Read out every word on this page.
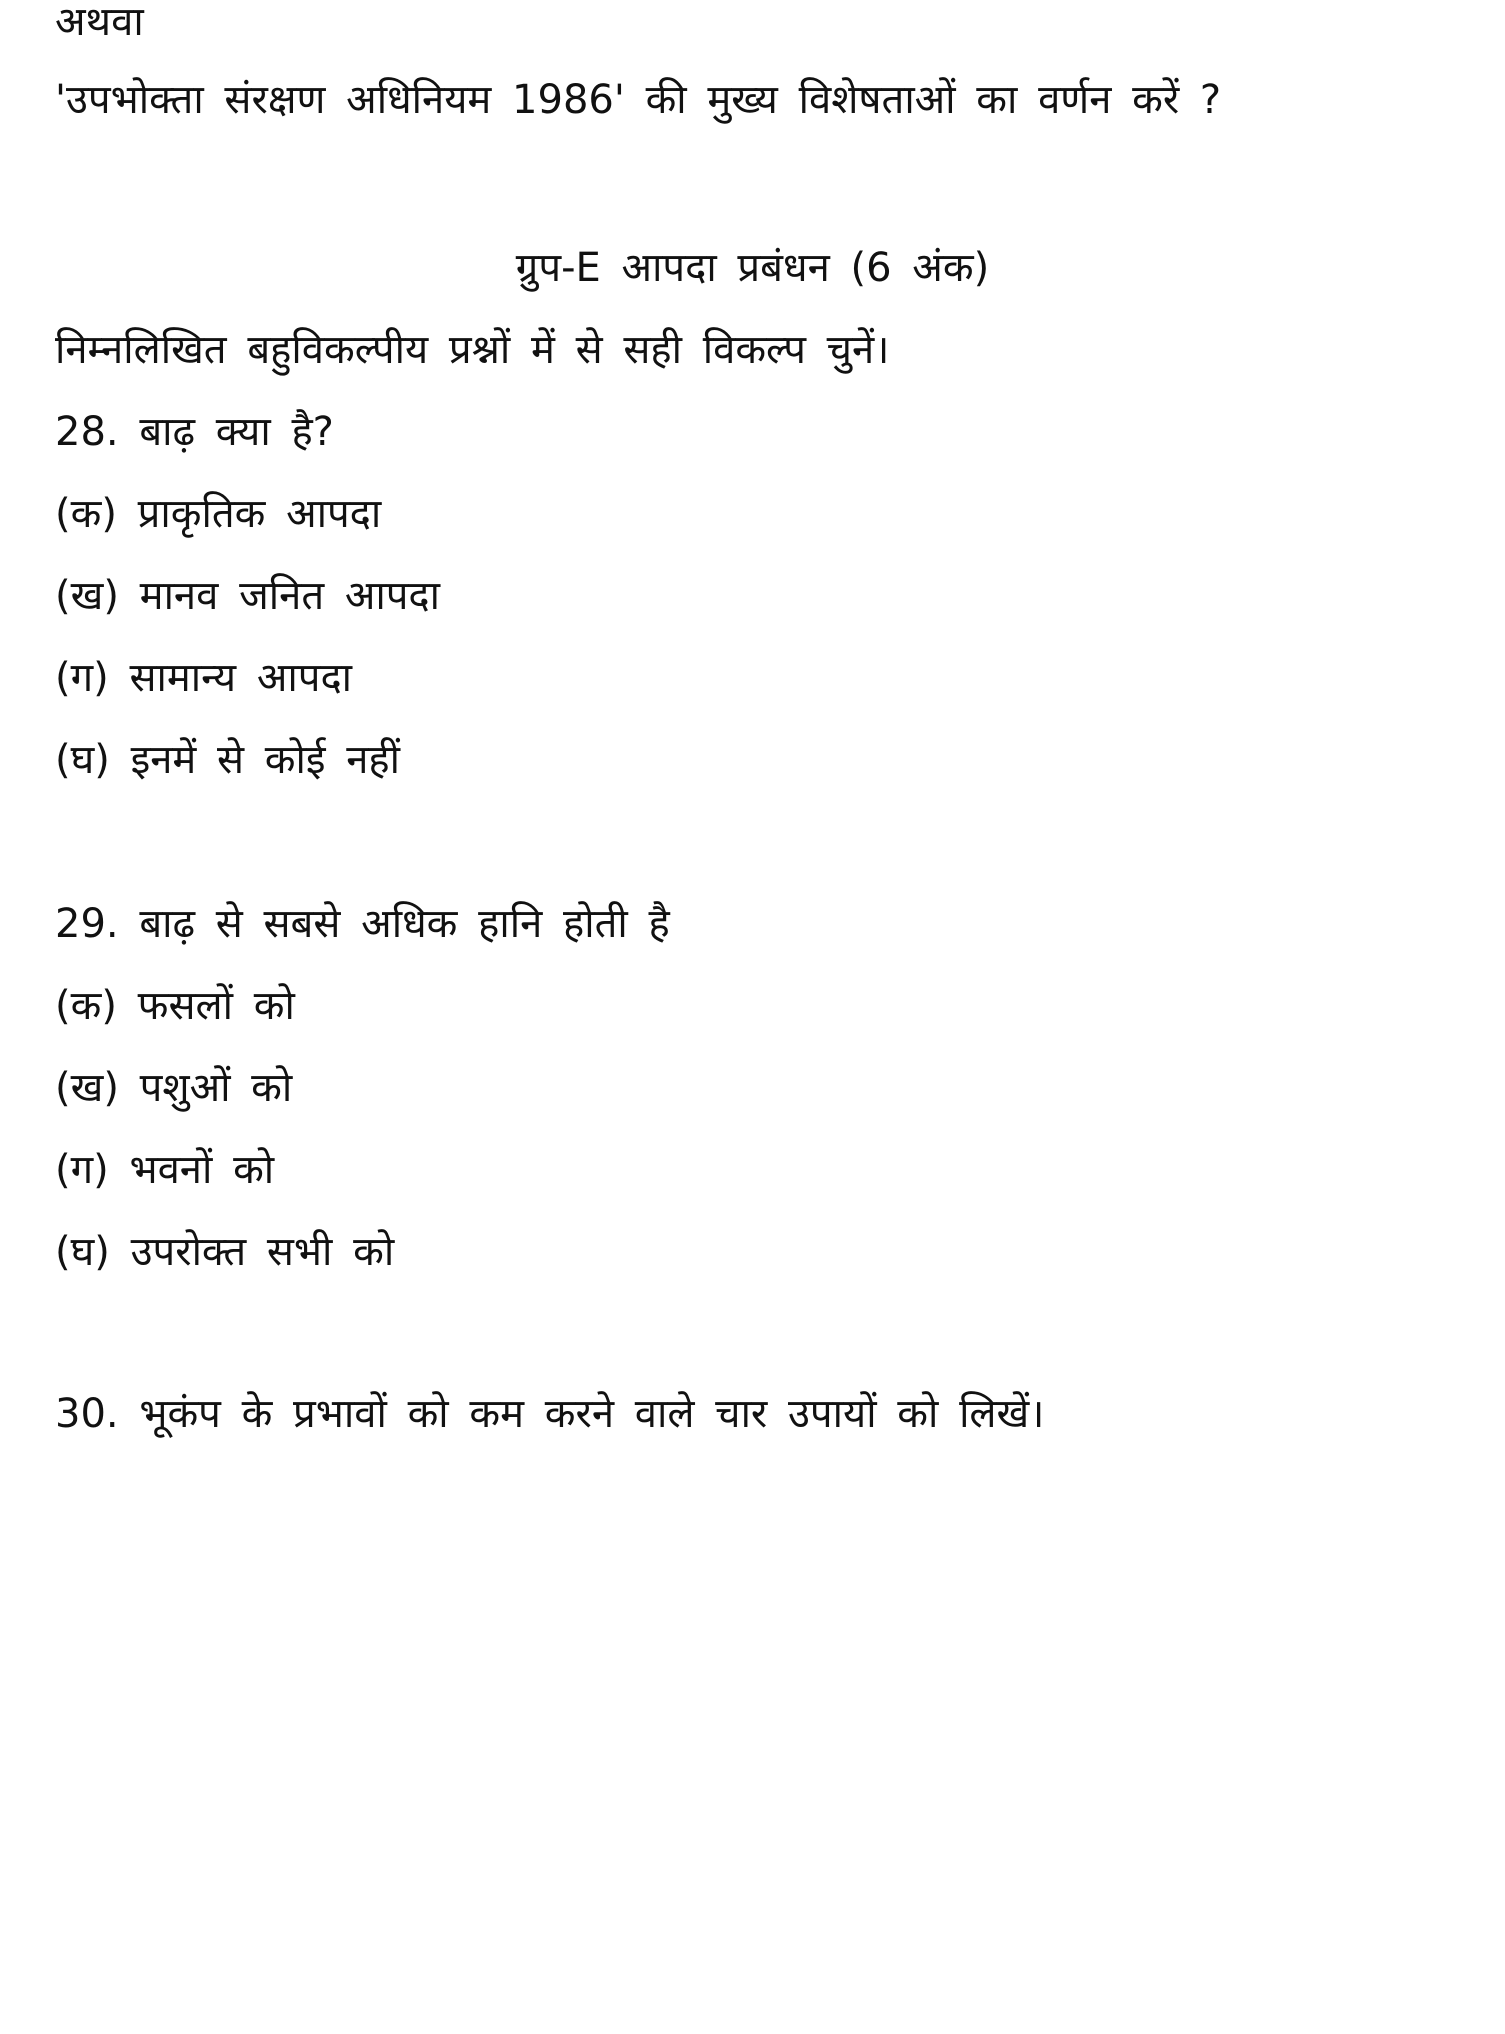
अथवा
'उपभोक्ता संरक्षण अधिनियम 1986' की मुख्य विशेषताओं का वर्णन करें ?
ग्रुप-E आपदा प्रबंधन (6 अंक)
निम्नलिखित बहुविकल्पीय प्रश्नों में से सही विकल्प चुनें।
28. बाढ़ क्या है?
(क) प्राकृतिक आपदा
(ख) मानव जनित आपदा
(ग) सामान्य आपदा
(घ) इनमें से कोई नहीं
29. बाढ़ से सबसे अधिक हानि होती है
(क) फसलों को
(ख) पशुओं को
(ग) भवनों को
(घ) उपरोक्त सभी को
30. भूकंप के प्रभावों को कम करने वाले चार उपायों को लिखें।
